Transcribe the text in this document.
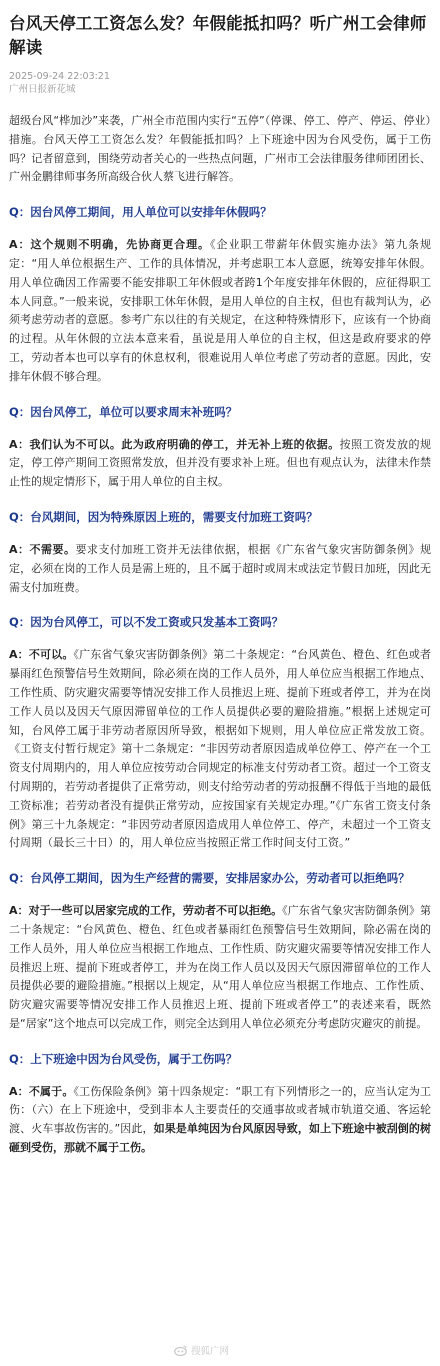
台风天停工工资怎么发？年假能抵扣吗？听广州工会律师解读
2025-09-24 22:03:21
广州日报新花城

超级台风“桦加沙”来袭，广州全市范围内实行“五停”（停课、停工、停产、停运、停业）措施。台风天停工工资怎么发？年假能抵扣吗？上下班途中因为台风受伤，属于工伤吗？记者留意到，围绕劳动者关心的一些热点问题，广州市工会法律服务律师团团长、广州金鹏律师事务所高级合伙人蔡飞进行解答。

Q：因台风停工期间，用人单位可以安排年休假吗？

A：这个规则不明确，先协商更合理。《企业职工带薪年休假实施办法》第九条规定：“用人单位根据生产、工作的具体情况，并考虑职工本人意愿，统筹安排年休假。用人单位确因工作需要不能安排职工年休假或者跨1个年度安排年休假的，应征得职工本人同意。”一般来说，安排职工休年休假，是用人单位的自主权，但也有裁判认为，必须考虑劳动者的意愿。参考广东以往的有关规定，在这种特殊情形下，应该有一个协商的过程。从年休假的立法本意来看，虽说是用人单位的自主权，但这是政府要求的停工，劳动者本也可以享有的休息权利，很难说用人单位考虑了劳动者的意愿。因此，安排年休假不够合理。

Q：因台风停工，单位可以要求周末补班吗？

A：我们认为不可以。此为政府明确的停工，并无补上班的依据。按照工资发放的规定，停工停产期间工资照常发放，但并没有要求补上班。但也有观点认为，法律未作禁止性的规定情形下，属于用人单位的自主权。

Q：台风期间，因为特殊原因上班的，需要支付加班工资吗？

A：不需要。要求支付加班工资并无法律依据，根据《广东省气象灾害防御条例》规定，必须在岗的工作人员是需上班的，且不属于超时或周末或法定节假日加班，因此无需支付加班费。

Q：因为台风停工，可以不发工资或只发基本工资吗？

A：不可以。《广东省气象灾害防御条例》第二十条规定：“台风黄色、橙色、红色或者暴雨红色预警信号生效期间，除必须在岗的工作人员外，用人单位应当根据工作地点、工作性质、防灾避灾需要等情况安排工作人员推迟上班、提前下班或者停工，并为在岗工作人员以及因天气原因滞留单位的工作人员提供必要的避险措施。”根据上述规定可知，台风停工属于非劳动者原因所导致，根据如下规则，用人单位应正常发放工资。《工资支付暂行规定》第十二条规定：“非因劳动者原因造成单位停工、停产在一个工资支付周期内的，用人单位应按劳动合同规定的标准支付劳动者工资。超过一个工资支付周期的，若劳动者提供了正常劳动，则支付给劳动者的劳动报酬不得低于当地的最低工资标准；若劳动者没有提供正常劳动，应按国家有关规定办理。”《广东省工资支付条例》第三十九条规定：“非因劳动者原因造成用人单位停工、停产，未超过一个工资支付周期（最长三十日）的，用人单位应当按照正常工作时间支付工资。”

Q：台风停工期间，因为生产经营的需要，安排居家办公，劳动者可以拒绝吗？

A：对于一些可以居家完成的工作，劳动者不可以拒绝。《广东省气象灾害防御条例》第二十条规定：“台风黄色、橙色、红色或者暴雨红色预警信号生效期间，除必需在岗的工作人员外，用人单位应当根据工作地点、工作性质、防灾避灾需要等情况安排工作人员推迟上班、提前下班或者停工，并为在岗工作人员以及因天气原因滞留单位的工作人员提供必要的避险措施。”根据以上规定，从“用人单位应当根据工作地点、工作性质、防灾避灾需要等情况安排工作人员推迟上班、提前下班或者停工”的表述来看，既然是“居家”这个地点可以完成工作，则完全达到用人单位必须充分考虑防灾避灾的前提。

Q：上下班途中因为台风受伤，属于工伤吗？

A：不属于。《工伤保险条例》第十四条规定：“职工有下列情形之一的，应当认定为工伤：（六）在上下班途中，受到非本人主要责任的交通事故或者城市轨道交通、客运轮渡、火车事故伤害的。”因此，如果是单纯因为台风原因导致，如上下班途中被刮倒的树砸到受伤，那就不属于工伤。

搜狐广网
